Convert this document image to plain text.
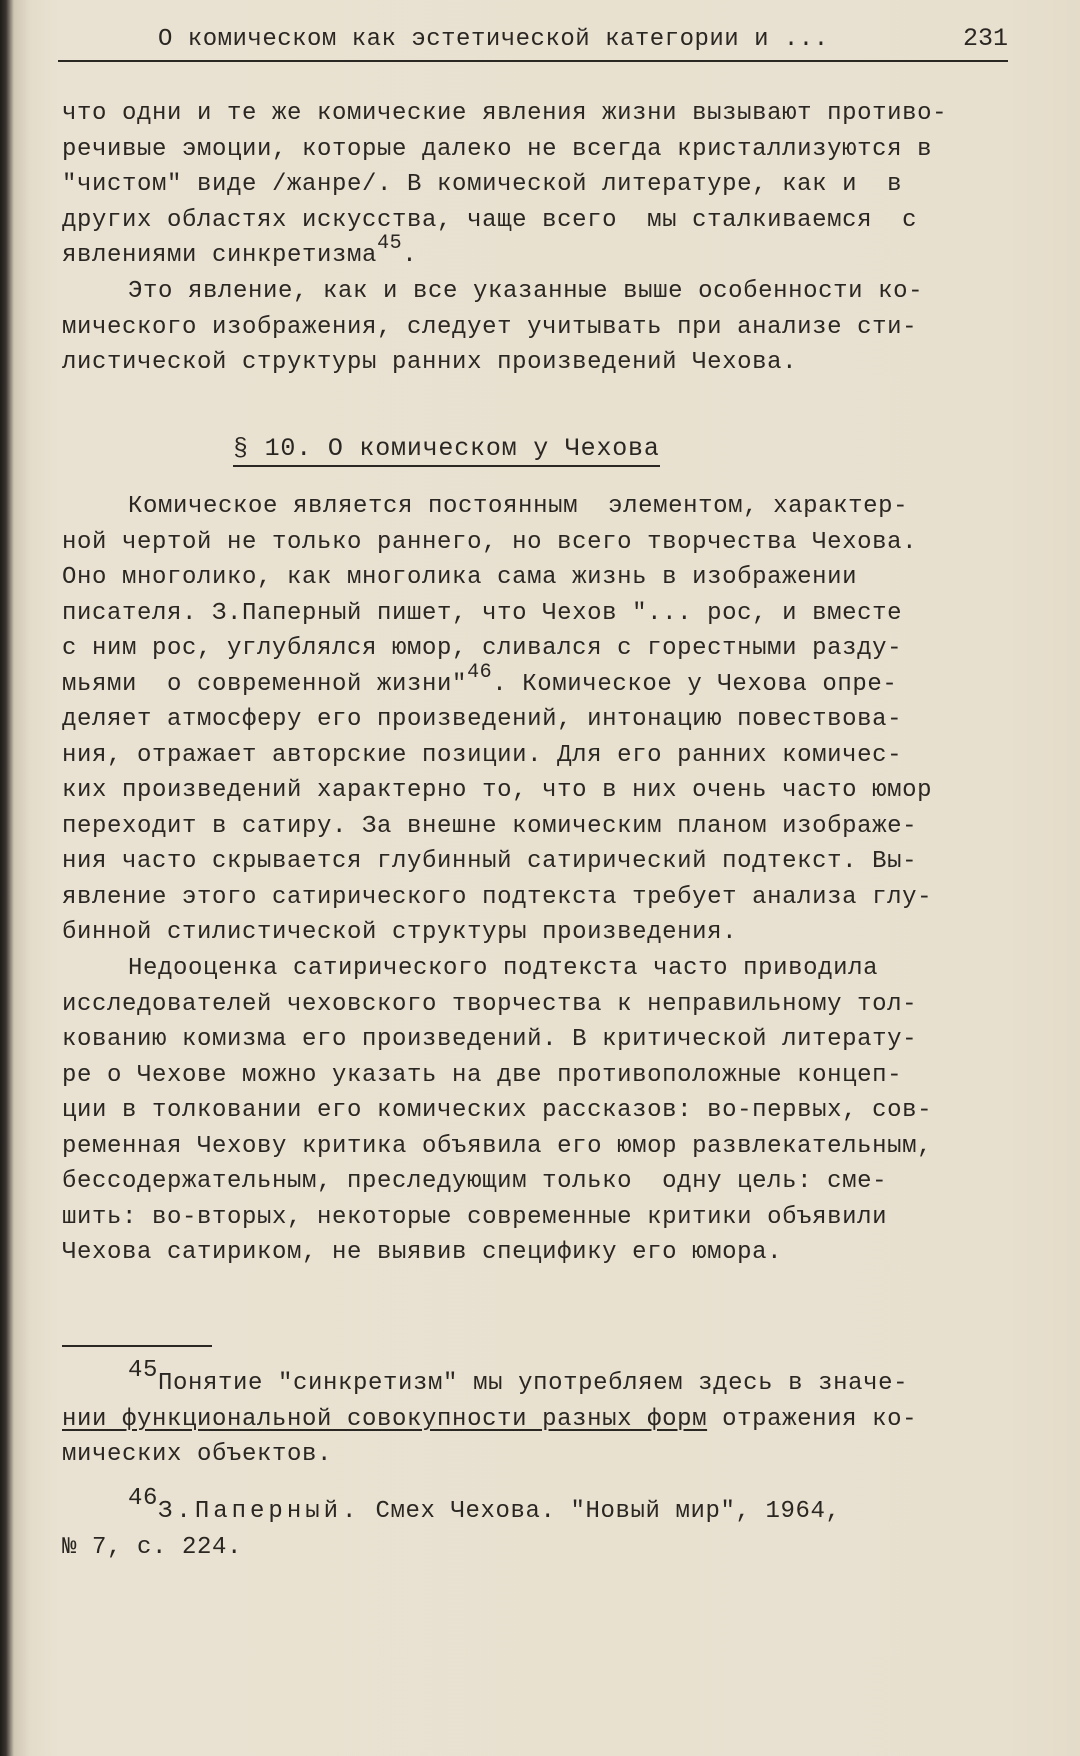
О комическом как эстетической категории и ...	231
что одни и те же комические явления жизни вызывают противо-
речивые эмоции, которые далеко не всегда кристаллизуются в
"чистом" виде /жанре/. В комической литературе, как и  в
других областях искусства, чаще всего  мы сталкиваемся  с
явлениями синкретизма$^{45}$.
Это явление, как и все указанные выше особенности ко-
мического изображения, следует учитывать при анализе сти-
листической структуры ранних произведений Чехова.
§ 10. О комическом у Чехова
Комическое является постоянным  элементом, характер-
ной чертой не только раннего, но всего творчества Чехова.
Оно многолико, как многолика сама жизнь в изображении
писателя. З.Паперный пишет, что Чехов "... рос, и вместе
с ним рос, углублялся юмор, сливался с горестными разду-
мьями  о современной жизни"$^{46}$. Комическое у Чехова опре-
деляет атмосферу его произведений, интонацию повествова-
ния, отражает авторские позиции. Для его ранних комичес-
ких произведений характерно то, что в них очень часто юмор
переходит в сатиру. За внешне комическим планом изображе-
ния часто скрывается глубинный сатирический подтекст. Вы-
явление этого сатирического подтекста требует анализа глу-
бинной стилистической структуры произведения.
Недооценка сатирического подтекста часто приводила
исследователей чеховского творчества к неправильному тол-
кованию комизма его произведений. В критической литерату-
ре о Чехове можно указать на две противоположные концеп-
ции в толковании его комических рассказов: во-первых, сов-
ременная Чехову критика объявила его юмор развлекательным,
бессодержательным, преследующим только  одну цель: сме-
шить: во-вторых, некоторые современные критики объявили
Чехова сатириком, не выявив специфику его юмора.
45Понятие "синкретизм" мы употребляем здесь в значе-
нии функциональной совокупности разных форм отражения ко-
мических объектов.
46З.Паперный. Смех Чехова. "Новый мир", 1964,
№ 7, с. 224.
